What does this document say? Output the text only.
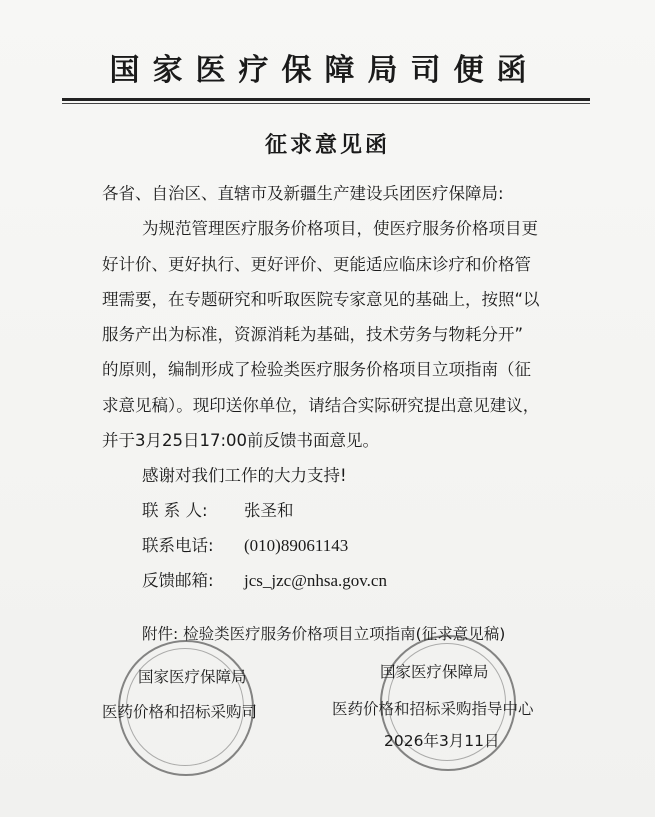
国家医疗保障局司便函
征求意见函
各省、自治区、直辖市及新疆生产建设兵团医疗保障局:
为规范管理医疗服务价格项目，使医疗服务价格项目更
好计价、更好执行、更好评价、更能适应临床诊疗和价格管
理需要，在专题研究和听取医院专家意见的基础上，按照“以
服务产出为标准，资源消耗为基础，技术劳务与物耗分开”
的原则，编制形成了检验类医疗服务价格项目立项指南（征
求意见稿）。现印送你单位，请结合实际研究提出意见建议，
并于3月25日17:00前反馈书面意见。
感谢对我们工作的大力支持!
联 系 人: 张圣和
联系电话: (010)89061143
反馈邮箱: jcs_jzc@nhsa.gov.cn
附件: 检验类医疗服务价格项目立项指南(征求意见稿)
国家医疗保障局
医药价格和招标采购司
国家医疗保障局
医药价格和招标采购指导中心
2026年3月11日
